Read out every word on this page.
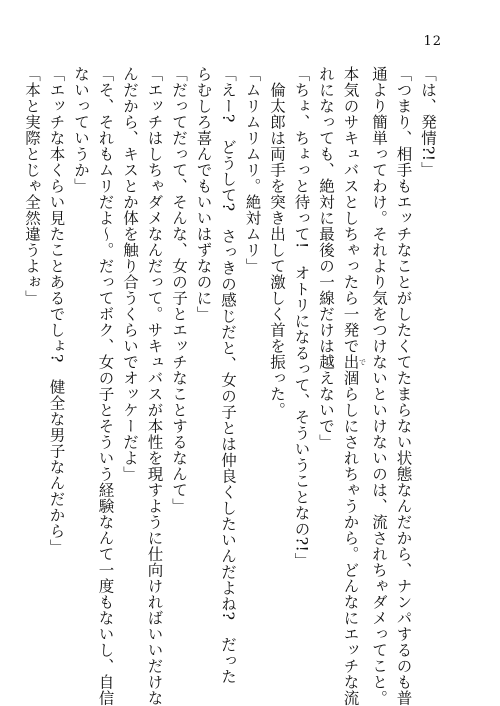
12
「は、発情?!」
「つまり、相手もエッチなことがしたくてたまらない状態なんだから、ナンパするのも普
通より簡単ってわけ。それより気をつけないといけないのは、流されちゃダメってこと。
本気のサキュバスとしちゃったら一発で出 で涸らしにされちゃうから。どんなにエッチな流
れになっても、絶対に最後の一線だけは越えないで」
「ちょ、ちょっと待って!　オトリになるって、そういうことなの?!」
倫太郎は両手を突き出して激しく首を振った。
「ムリムリムリ。絶対ムリ」
「えー?　どうして?　さっきの感じだと、女の子とは仲良くしたいんだよね?　だった
らむしろ喜んでもいいはずなのに」
「だってだって、そんな、女の子とエッチなことするなんて」
「エッチはしちゃダメなんだって。サキュバスが本性を現すように仕向ければいいだけな
んだから、キスとか体を触り合うくらいでオッケーだよ」
「そ、それもムリだよ〜。だってボク、女の子とそういう経験なんて一度もないし、自信
ないっていうか」
「エッチな本くらい見たことあるでしょ?　健全な男子なんだから」
「本と実際とじゃ全然違うよぉ」
